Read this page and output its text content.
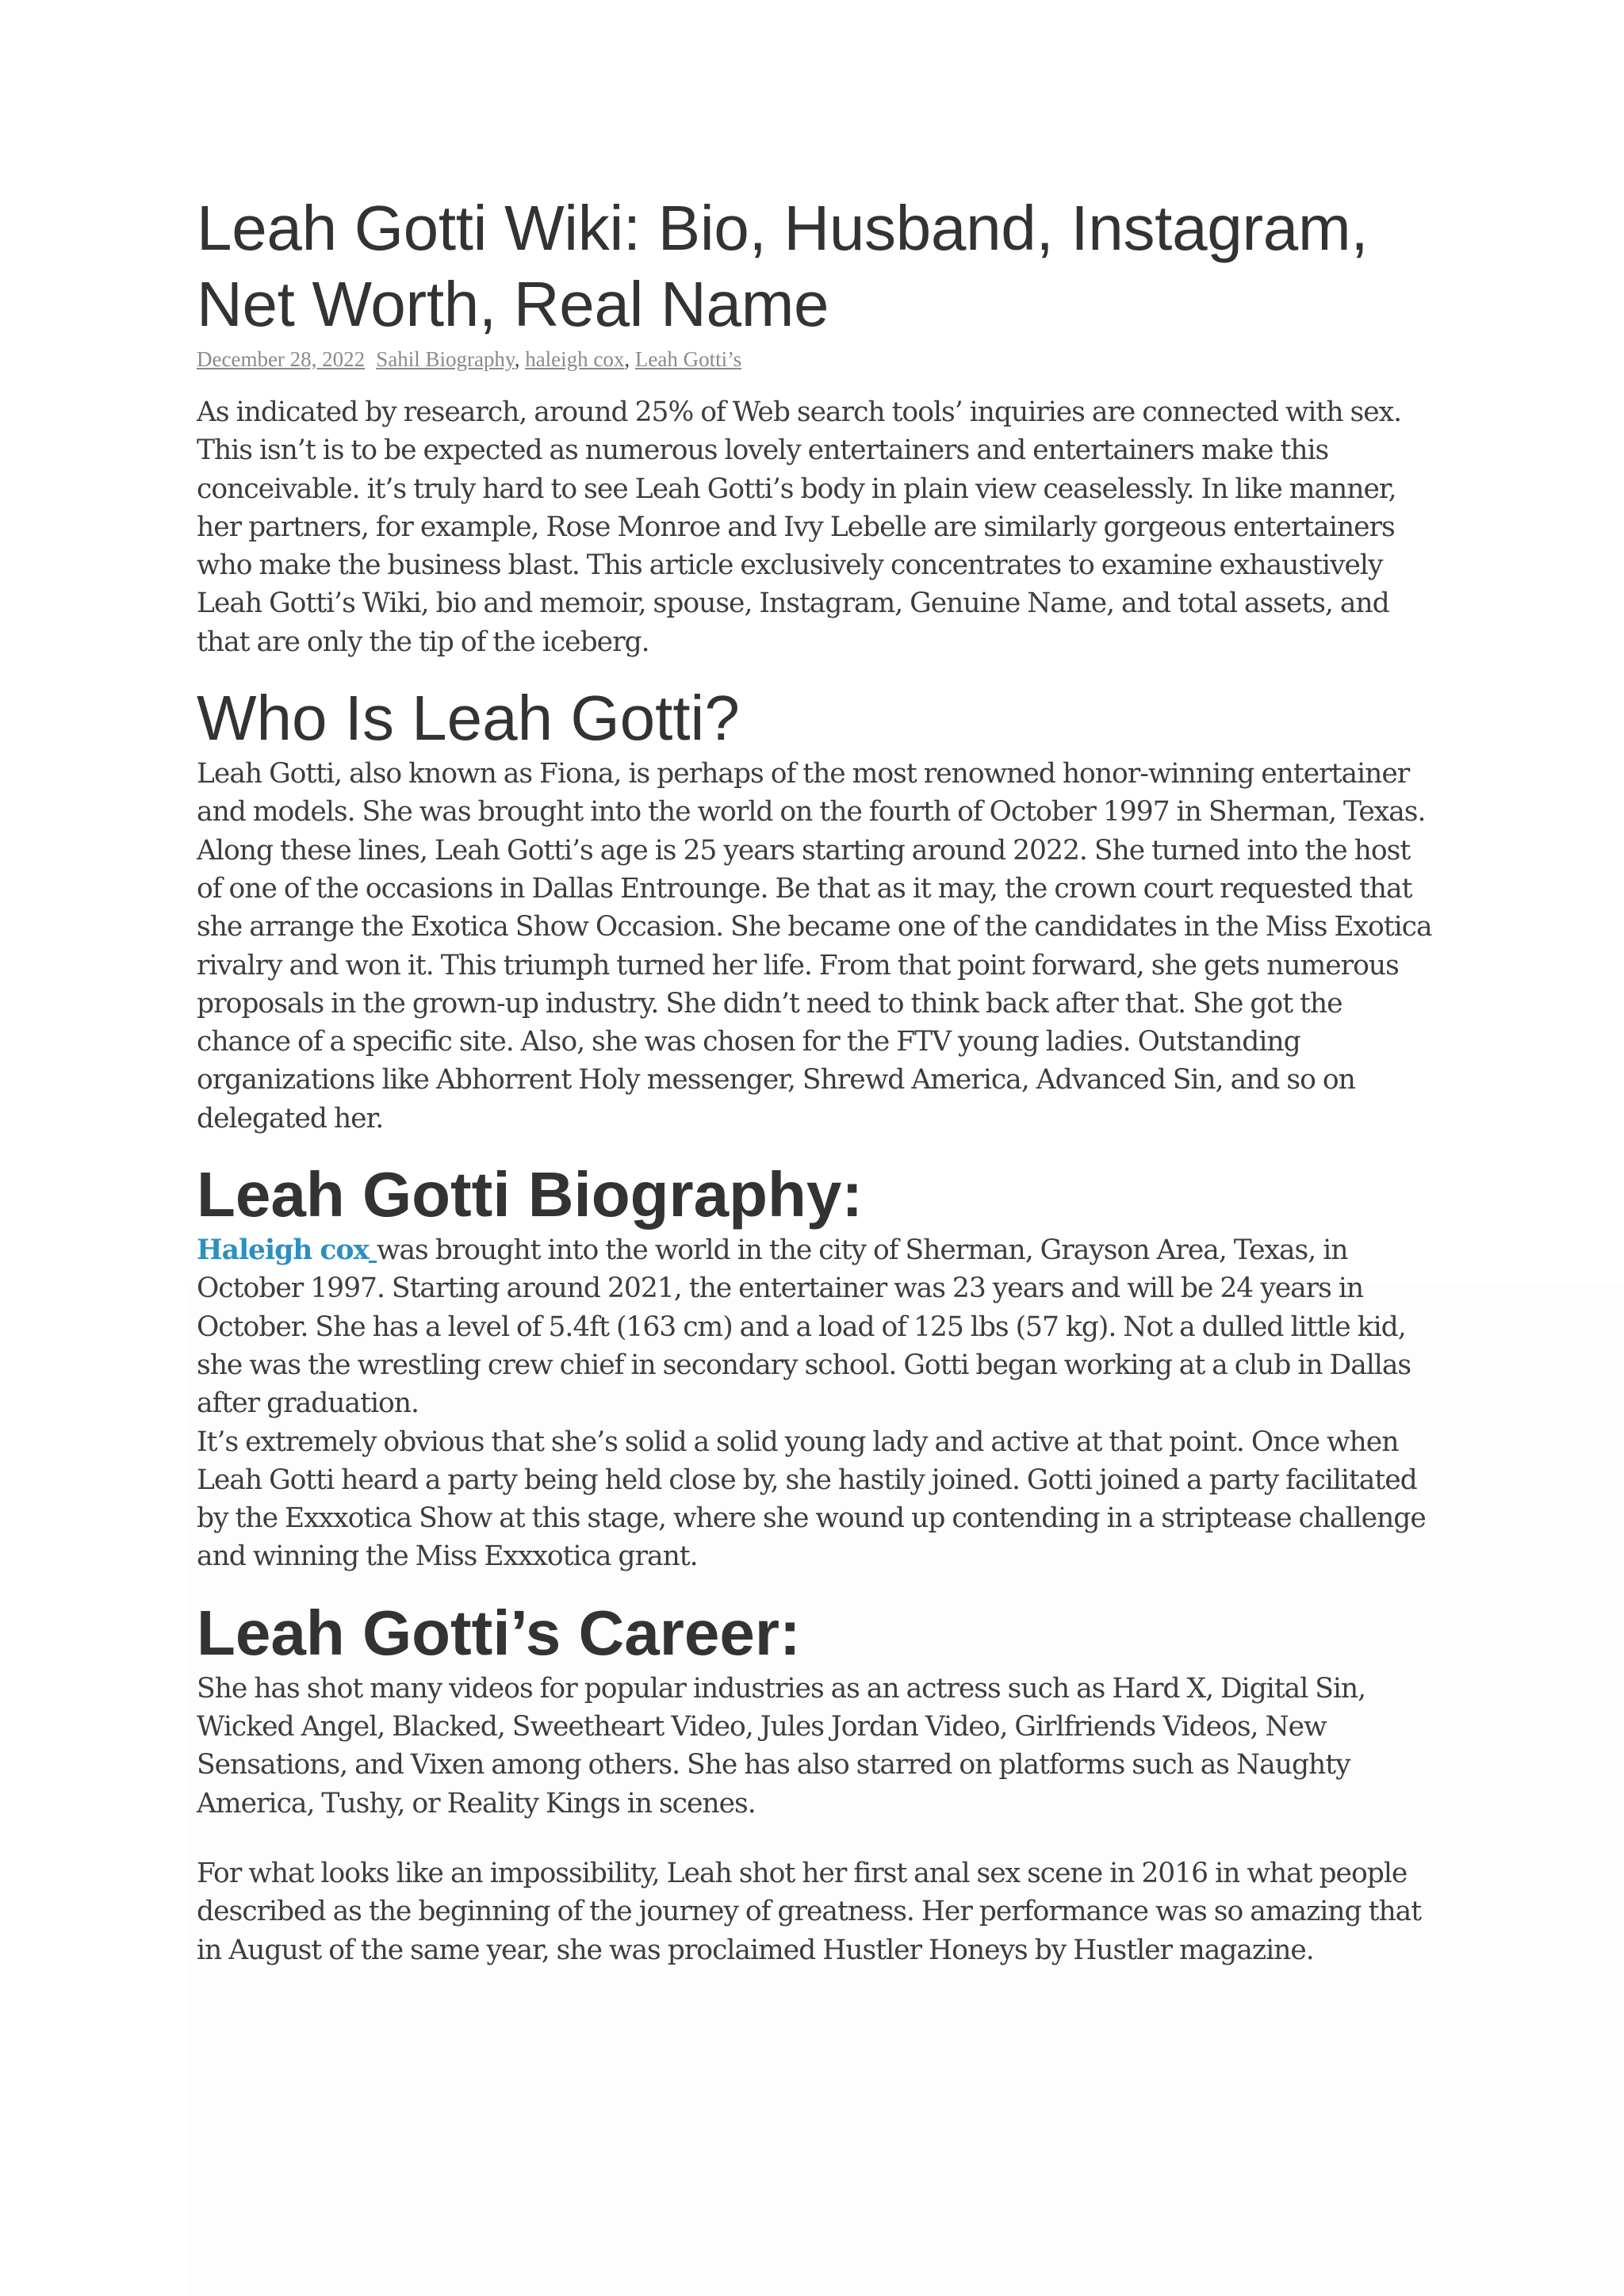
Leah Gotti Wiki: Bio, Husband, Instagram, Net Worth, Real Name
December 28, 2022 Sahil Biography, haleigh cox, Leah Gotti’s

As indicated by research, around 25% of Web search tools’ inquiries are connected with sex. This isn’t is to be expected as numerous lovely entertainers and entertainers make this conceivable. it’s truly hard to see Leah Gotti’s body in plain view ceaselessly. In like manner, her partners, for example, Rose Monroe and Ivy Lebelle are similarly gorgeous entertainers who make the business blast. This article exclusively concentrates to examine exhaustively Leah Gotti’s Wiki, bio and memoir, spouse, Instagram, Genuine Name, and total assets, and that are only the tip of the iceberg.

Who Is Leah Gotti?

Leah Gotti, also known as Fiona, is perhaps of the most renowned honor-winning entertainer and models. She was brought into the world on the fourth of October 1997 in Sherman, Texas. Along these lines, Leah Gotti’s age is 25 years starting around 2022. She turned into the host of one of the occasions in Dallas Entrounge. Be that as it may, the crown court requested that she arrange the Exotica Show Occasion. She became one of the candidates in the Miss Exotica rivalry and won it. This triumph turned her life. From that point forward, she gets numerous proposals in the grown-up industry. She didn’t need to think back after that. She got the chance of a specific site. Also, she was chosen for the FTV young ladies. Outstanding organizations like Abhorrent Holy messenger, Shrewd America, Advanced Sin, and so on delegated her.

Leah Gotti Biography:

Haleigh cox was brought into the world in the city of Sherman, Grayson Area, Texas, in October 1997. Starting around 2021, the entertainer was 23 years and will be 24 years in October. She has a level of 5.4ft (163 cm) and a load of 125 lbs (57 kg). Not a dulled little kid, she was the wrestling crew chief in secondary school. Gotti began working at a club in Dallas after graduation.

It’s extremely obvious that she’s solid a solid young lady and active at that point. Once when Leah Gotti heard a party being held close by, she hastily joined. Gotti joined a party facilitated by the Exxxotica Show at this stage, where she wound up contending in a striptease challenge and winning the Miss Exxxotica grant.

Leah Gotti’s Career:

She has shot many videos for popular industries as an actress such as Hard X, Digital Sin, Wicked Angel, Blacked, Sweetheart Video, Jules Jordan Video, Girlfriends Videos, New Sensations, and Vixen among others. She has also starred on platforms such as Naughty America, Tushy, or Reality Kings in scenes.

For what looks like an impossibility, Leah shot her first anal sex scene in 2016 in what people described as the beginning of the journey of greatness. Her performance was so amazing that in August of the same year, she was proclaimed Hustler Honeys by Hustler magazine.
